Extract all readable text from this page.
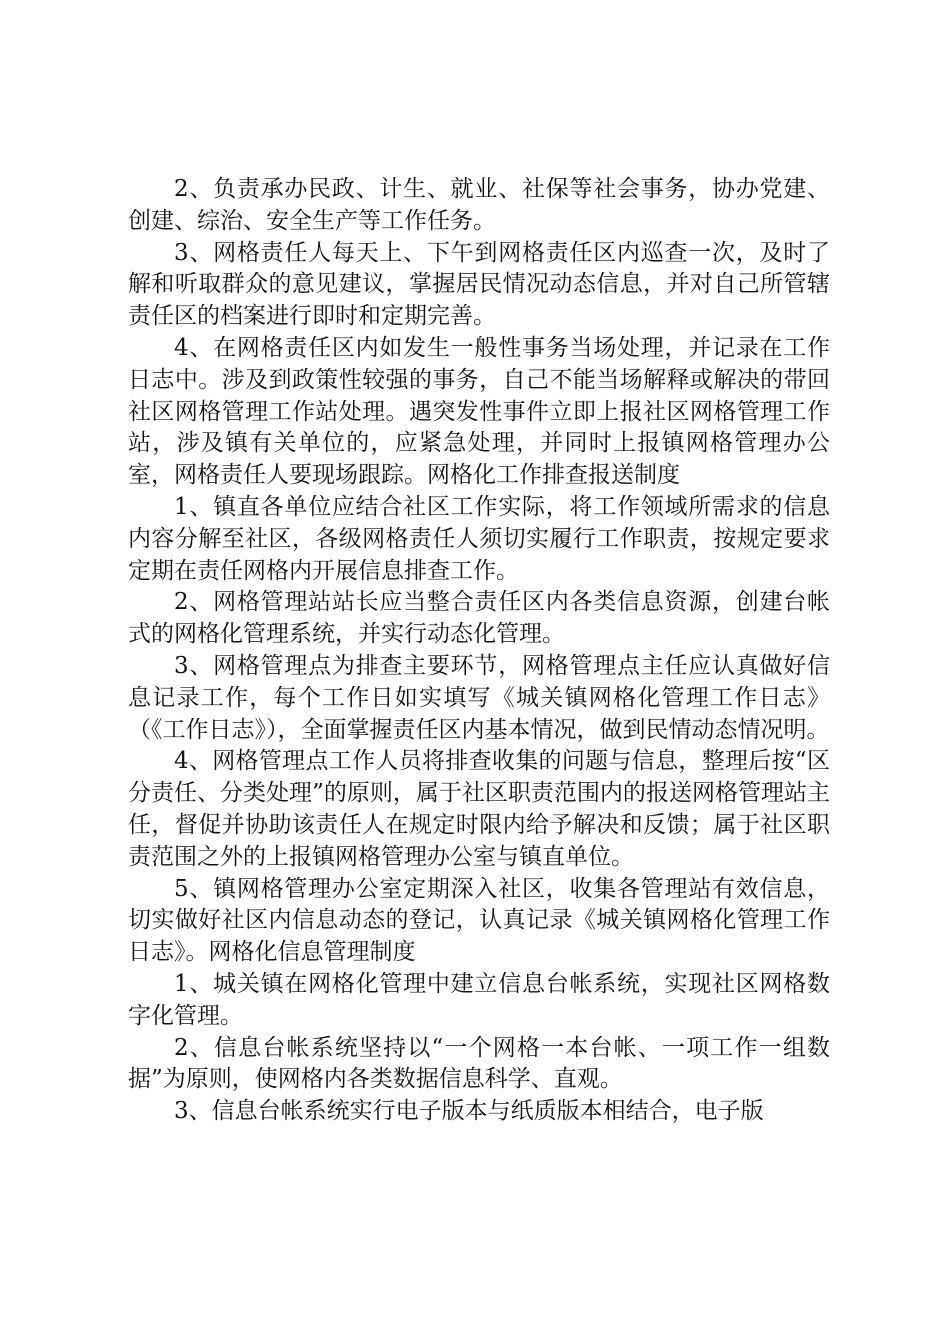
2、负责承办民政、计生、就业、社保等社会事务，协办党建、创建、综治、安全生产等工作任务。

3、网格责任人每天上、下午到网格责任区内巡查一次，及时了解和听取群众的意见建议，掌握居民情况动态信息，并对自己所管辖责任区的档案进行即时和定期完善。

4、在网格责任区内如发生一般性事务当场处理，并记录在工作日志中。涉及到政策性较强的事务，自己不能当场解释或解决的带回社区网格管理工作站处理。遇突发性事件立即上报社区网格管理工作站，涉及镇有关单位的，应紧急处理，并同时上报镇网格管理办公室，网格责任人要现场跟踪。网格化工作排查报送制度

1、镇直各单位应结合社区工作实际，将工作领域所需求的信息内容分解至社区，各级网格责任人须切实履行工作职责，按规定要求定期在责任网格内开展信息排查工作。

2、网格管理站站长应当整合责任区内各类信息资源，创建台帐式的网格化管理系统，并实行动态化管理。

3、网格管理点为排查主要环节，网格管理点主任应认真做好信息记录工作，每个工作日如实填写《城关镇网格化管理工作日志》（《工作日志》），全面掌握责任区内基本情况，做到民情动态情况明。

4、网格管理点工作人员将排查收集的问题与信息，整理后按“区分责任、分类处理”的原则，属于社区职责范围内的报送网格管理站主任，督促并协助该责任人在规定时限内给予解决和反馈；属于社区职责范围之外的上报镇网格管理办公室与镇直单位。

5、镇网格管理办公室定期深入社区，收集各管理站有效信息，切实做好社区内信息动态的登记，认真记录《城关镇网格化管理工作日志》。网格化信息管理制度

1、城关镇在网格化管理中建立信息台帐系统，实现社区网格数字化管理。

2、信息台帐系统坚持以“一个网格一本台帐、一项工作一组数据”为原则，使网格内各类数据信息科学、直观。

3、信息台帐系统实行电子版本与纸质版本相结合，电子版
